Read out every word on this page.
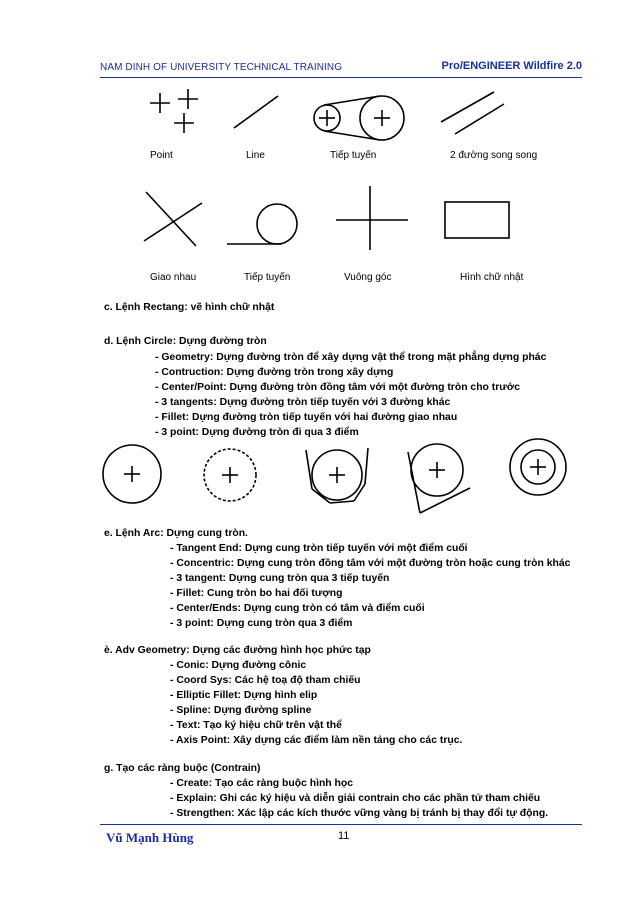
NAM DINH OF UNIVERSITY TECHNICAL TRAINING	Pro/ENGINEER Wildfire 2.0
Point	Line	Tiếp tuyến	2 đường song song
Giao nhau	Tiếp tuyến	Vuông góc	Hình chữ nhật
c. Lệnh Rectang: vẽ hình chữ nhật
d. Lệnh Circle: Dựng đường tròn
- Geometry: Dựng đường tròn để xây dựng vật thể trong mặt phẳng dựng phác
- Contruction: Dựng đường tròn trong xây dựng
- Center/Point: Dựng đường tròn đồng tâm với một đường tròn cho trước
- 3 tangents: Dựng đường tròn tiếp tuyến với 3 đường khác
- Fillet: Dựng đường tròn tiếp tuyến với hai đường giao nhau
- 3 point: Dựng đường tròn đi qua 3 điểm
e. Lệnh Arc: Dựng cung tròn.
- Tangent End: Dựng cung tròn tiếp tuyến với một điểm cuối
- Concentric: Dựng cung tròn đồng tâm với một đường tròn hoặc cung tròn khác
- 3 tangent: Dựng cung tròn qua 3 tiếp tuyến
- Fillet: Cung tròn bo hai đối tượng
- Center/Ends: Dựng cung tròn có tâm và điểm cuối
- 3 point: Dựng cung tròn qua 3 điểm
è. Adv Geometry: Dựng các đường hình học phức tạp
- Conic: Dựng đường cônic
- Coord Sys: Các hệ toạ độ tham chiếu
- Elliptic Fillet: Dựng hình elip
- Spline: Dựng đường spline
- Text: Tạo ký hiệu chữ trên vật thể
- Axis Point: Xây dựng các điểm làm nền tảng cho các trục.
g. Tạo các ràng buộc (Contrain)
- Create: Tạo các ràng buộc hình học
- Explain: Ghi các ký hiệu và diễn giải contrain cho các phần tử tham chiếu
- Strengthen: Xác lập các kích thước vững vàng bị tránh bị thay đổi tự động.
Vũ Mạnh Hùng	11
